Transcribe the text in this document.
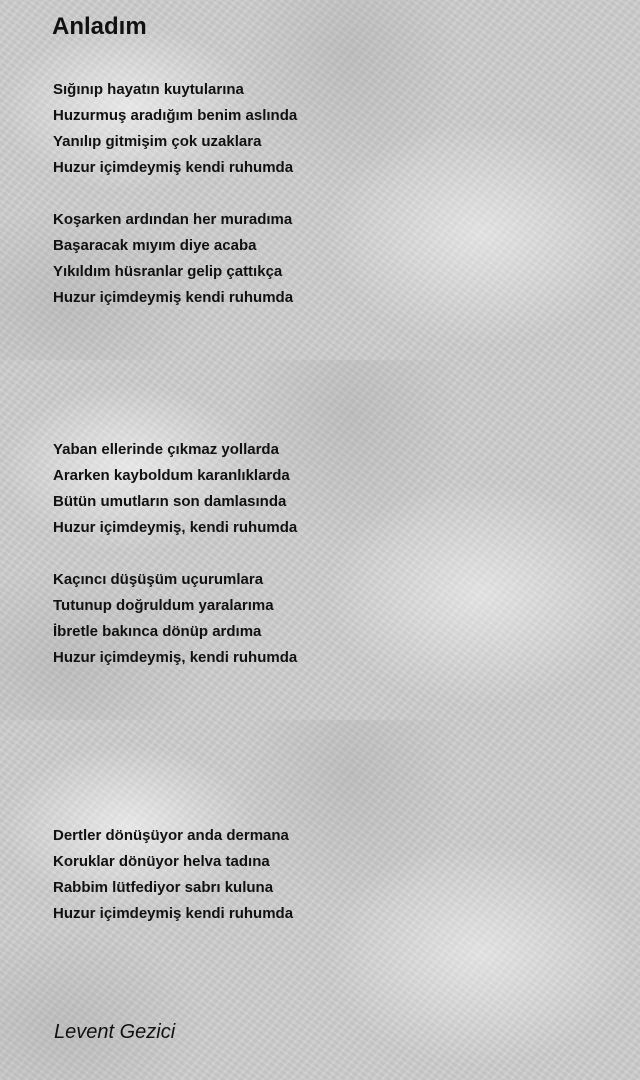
Anladım
Sığınıp hayatın kuytularına
Huzurmuş aradığım benim aslında
Yanılıp gitmişim çok uzaklara
Huzur içimdeymiş kendi ruhumda
Koşarken ardından her muradıma
Başaracak mıyım diye acaba
Yıkıldım hüsranlar gelip çattıkça
Huzur içimdeymiş kendi ruhumda
Yaban ellerinde çıkmaz yollarda
Ararken kayboldum karanlıklarda
Bütün umutların son damlasında
Huzur içimdeymiş, kendi ruhumda
Kaçıncı düşüşüm uçurumlara
Tutunup doğruldum yaralarıma
İbretle bakınca dönüp ardıma
Huzur içimdeymiş, kendi ruhumda
Dertler dönüşüyor anda dermana
Koruklar dönüyor helva tadına
Rabbim lütfediyor sabrı kuluna
Huzur içimdeymiş kendi ruhumda
Levent Gezici
